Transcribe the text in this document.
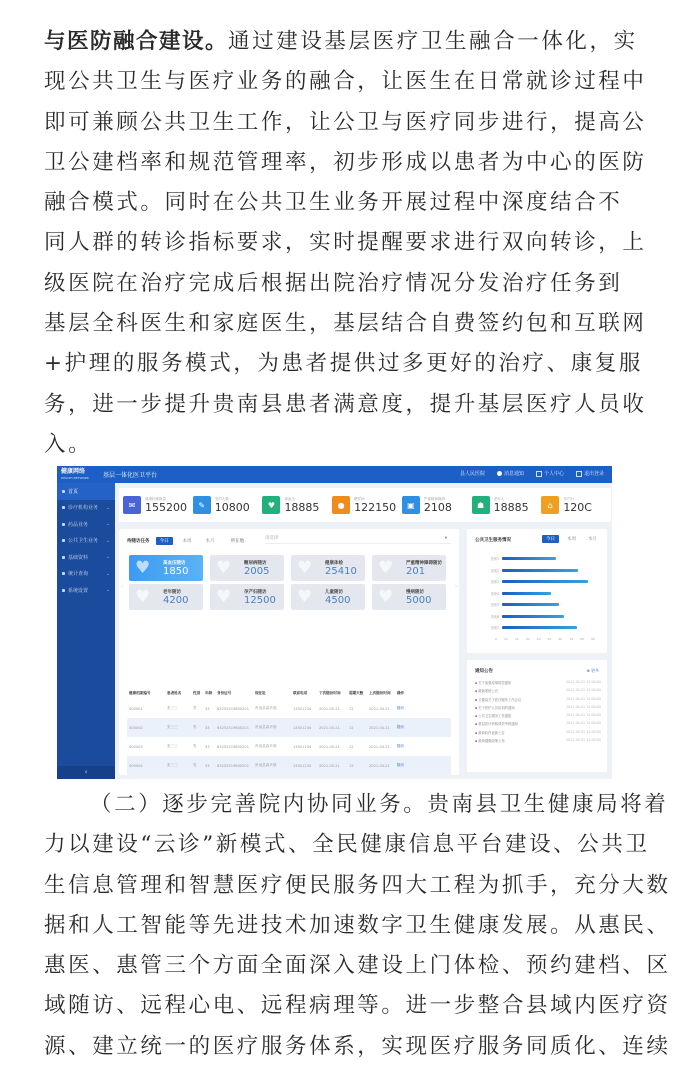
与医防融合建设。通过建设基层医疗卫生融合一体化，实
现公共卫生与医疗业务的融合，让医生在日常就诊过程中
即可兼顾公共卫生工作，让公卫与医疗同步进行，提高公
卫公建档率和规范管理率，初步形成以患者为中心的医防
融合模式。同时在公共卫生业务开展过程中深度结合不
同人群的转诊指标要求，实时提醒要求进行双向转诊，上
级医院在治疗完成后根据出院治疗情况分发治疗任务到
基层全科医生和家庭医生，基层结合自费签约包和互联网
+护理的服务模式，为患者提供过多更好的治疗、康复服
务，进一步提升贵南县患者满意度，提升基层医疗人员收
入。
健康网络
HEALTH NETWORK	基层一体化医卫平台	县人民医院	消息通知	个人中心	退出登录
首页
诊疗机构业务 ⌄
药品业务	⌄
公共卫生业务 ⌄
基础资料	⌄
统计查询	⌄
系统设置	⌄
‹
✉
健康档案数量
155200	✎
签约人数
10800	♥
高血压
18885	●
糖尿病
122150	▣
严重精神障碍
2108	☗
老年人
18885	⌂
孕产妇
120C
待随访任务	今日	本周	本月	所在地
请选择	▾
‹	›
♥	高血压随访
1850 ♥	糖尿病随访
2005 ♥	健康体检
25410 ♥	严重精神障碍随访
201
♥	老年随访
4200 ♥	孕产妇随访
12500 ♥	儿童随访
4500 ♥	慢病随访
5000
健康档案编号	患者姓名	性别	年龄	身份证号	现住址	联系电话	下次随访时间	超期天数	上次随访时间	操作
000001	张三三	男	33	63252519800201	贵南县森多镇	13501234	2021-05-21	12	2021-04-21	随访
000002	张三三	男	33	63252519800201	贵南县森多镇	13501234	2021-05-21	12	2021-04-21	随访
000003	张三三	男	33	63252519800201	贵南县森多镇	13501234	2021-05-21	12	2021-04-21	随访
000004	张三三	男	33	63252519800201	贵南县森多镇	13501234	2021-05-21	12	2021-04-21	随访
公共卫生服务情况	今日	本周	本月
类别1
类别2
类别3
类别4
类别5
类别6
类别7
0 10 20 30 40 50 60 70 80 90
通知公告	⊕ 更多
▪ 关于加强疫情防控通知	2021-09-01 12:00:00
▪ 最新系统公告	2021-09-01 12:00:00
▪ 卫健局关于医疗服务工作会议	2021-09-01 12:00:00
▪ 关于医护人员培训的通知	2021-09-01 12:00:00
▪ 公共卫生服务工作通报	2021-09-01 12:00:00
▪ 基层医疗机构绩效考核通知	2021-09-01 12:00:00
▪ 最新软件更新公告	2021-09-01 12:00:00
▪ 最新健康政策公布	2021-09-01 12:00:00
（二）逐步完善院内协同业务。贵南县卫生健康局将着
力以建设“云诊”新模式、全民健康信息平台建设、公共卫
生信息管理和智慧医疗便民服务四大工程为抓手，充分大数
据和人工智能等先进技术加速数字卫生健康发展。从惠民、
惠医、惠管三个方面全面深入建设上门体检、预约建档、区
域随访、远程心电、远程病理等。进一步整合县域内医疗资
源、建立统一的医疗服务体系，实现医疗服务同质化、连续
